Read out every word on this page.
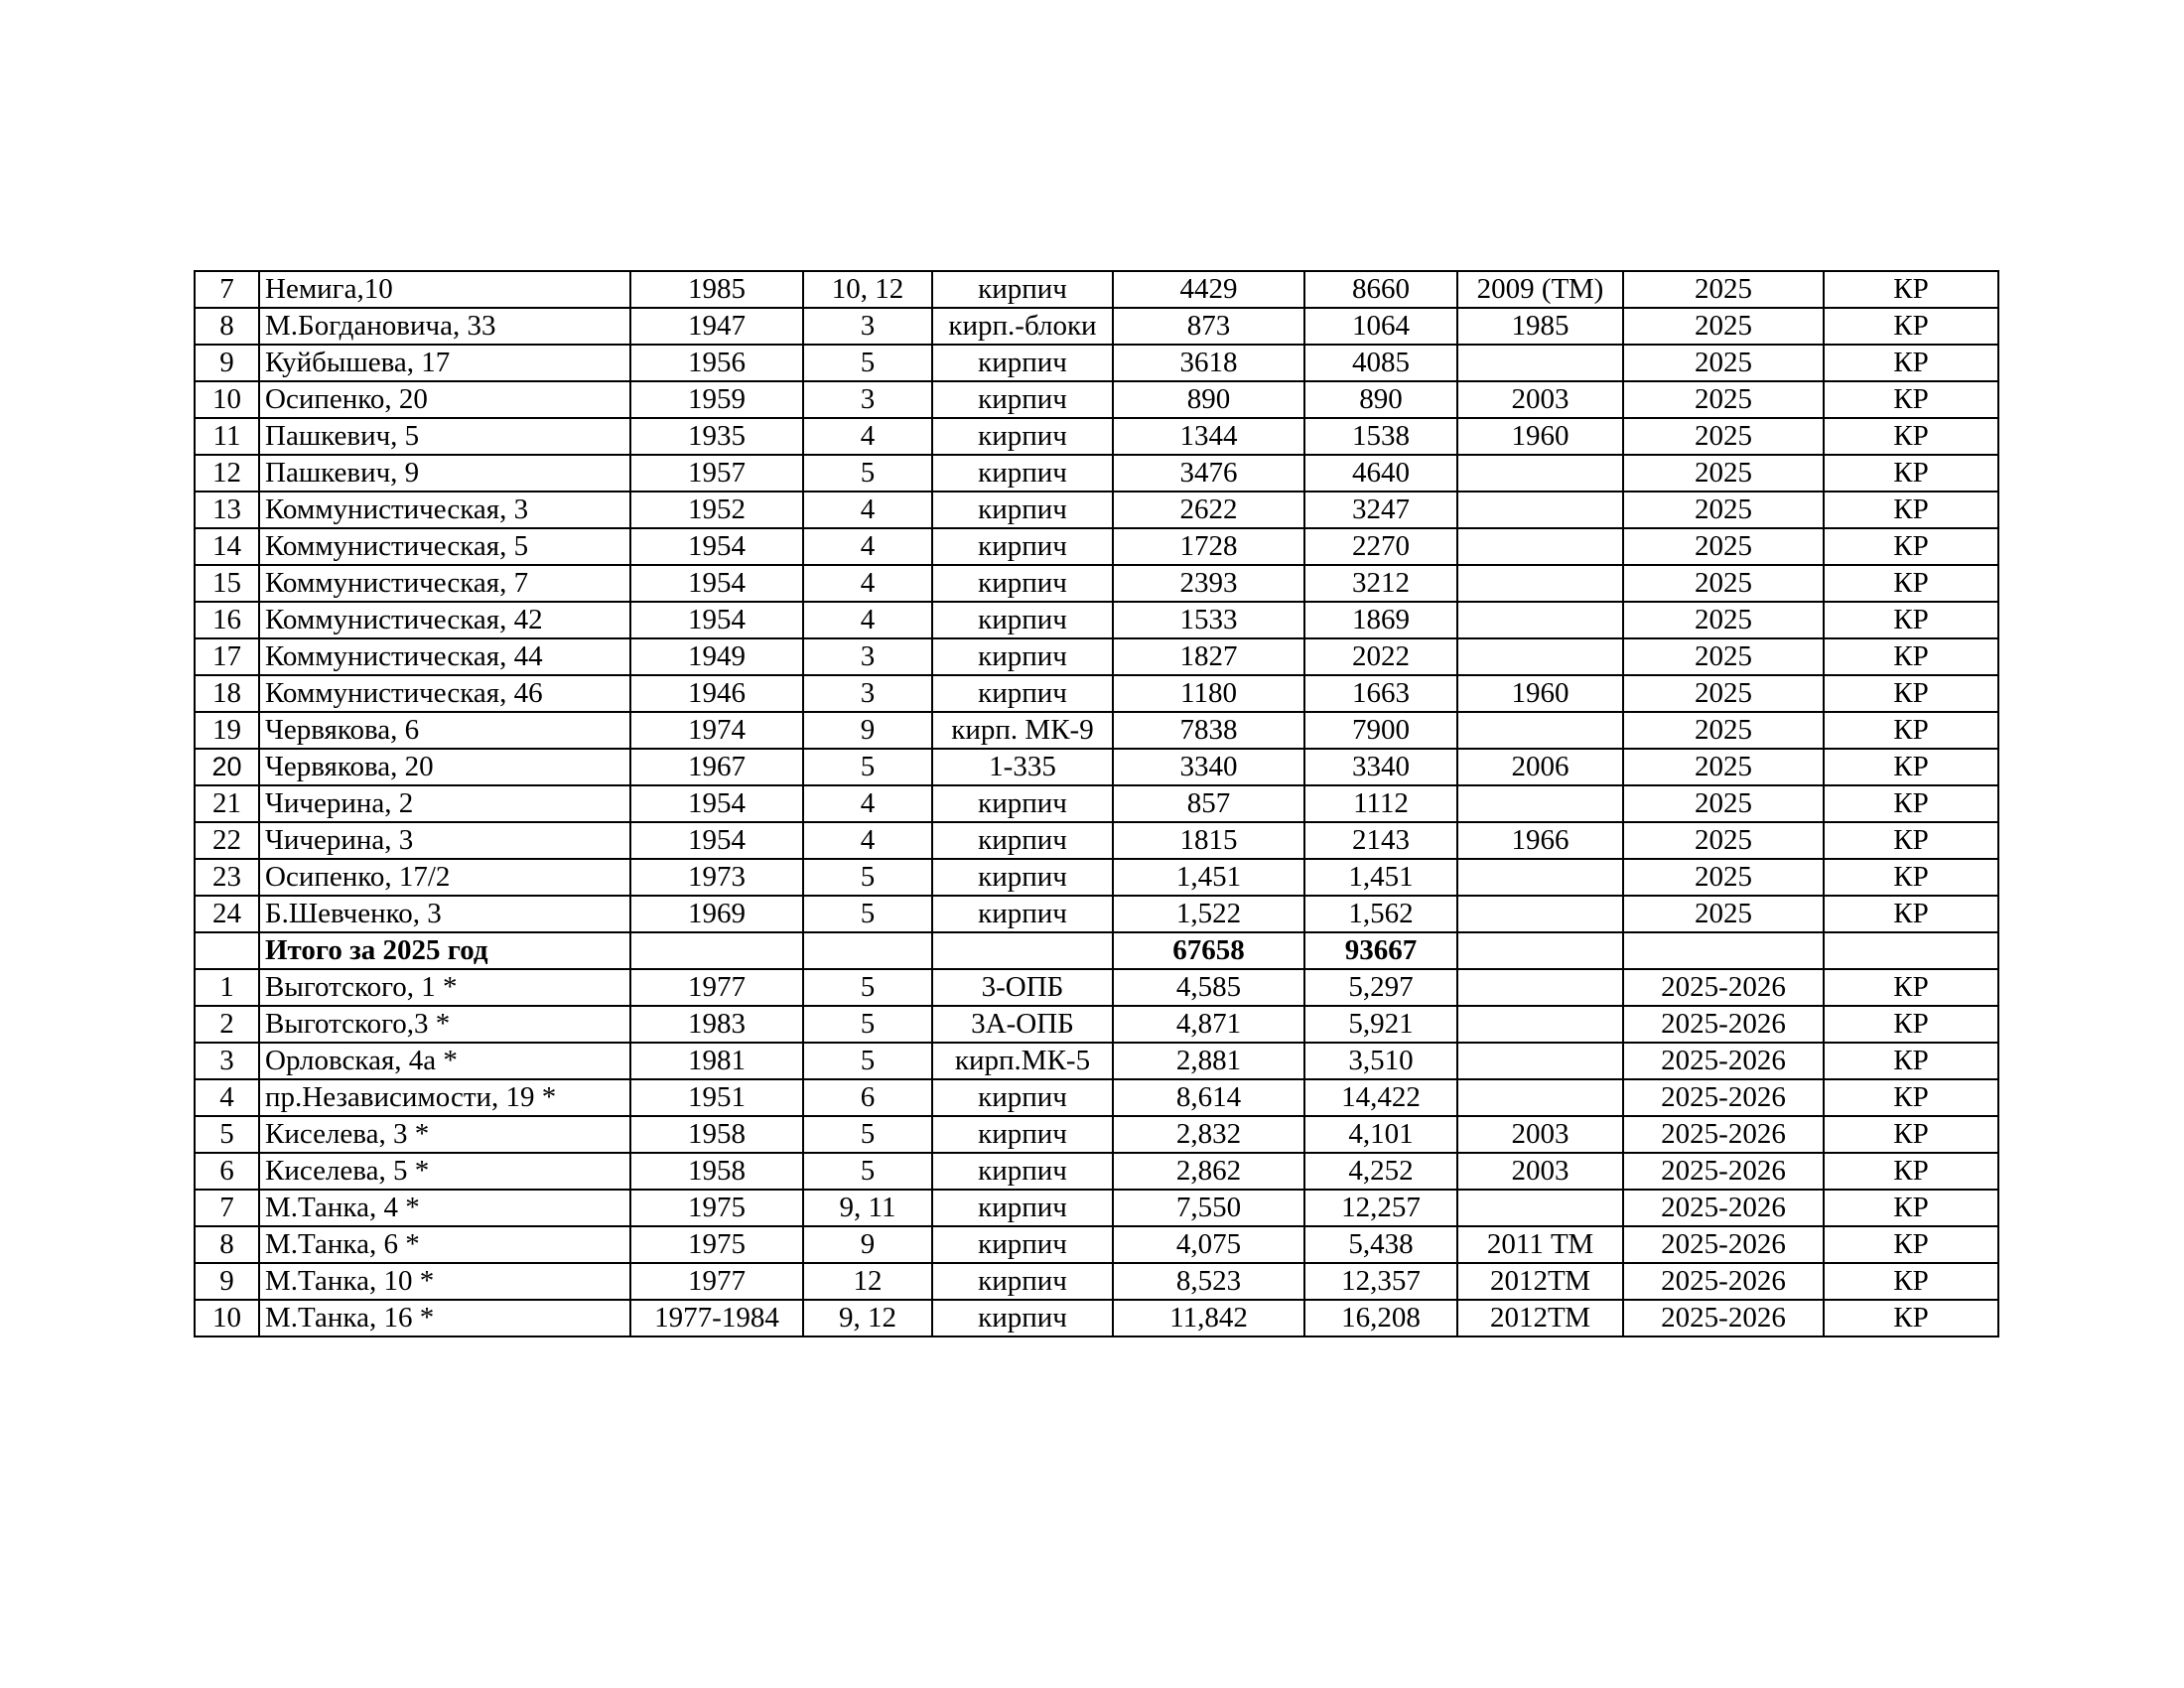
7	Немига,10	1985	10, 12	кирпич	4429	8660	2009 (ТМ)	2025	КР
8	М.Богдановича, 33	1947	3	кирп.-блоки	873	1064	1985	2025	КР
9	Куйбышева, 17	1956	5	кирпич	3618	4085		2025	КР
10	Осипенко, 20	1959	3	кирпич	890	890	2003	2025	КР
11	Пашкевич, 5	1935	4	кирпич	1344	1538	1960	2025	КР
12	Пашкевич, 9	1957	5	кирпич	3476	4640		2025	КР
13	Коммунистическая, 3	1952	4	кирпич	2622	3247		2025	КР
14	Коммунистическая, 5	1954	4	кирпич	1728	2270		2025	КР
15	Коммунистическая, 7	1954	4	кирпич	2393	3212		2025	КР
16	Коммунистическая, 42	1954	4	кирпич	1533	1869		2025	КР
17	Коммунистическая, 44	1949	3	кирпич	1827	2022		2025	КР
18	Коммунистическая, 46	1946	3	кирпич	1180	1663	1960	2025	КР
19	Червякова, 6	1974	9	кирп. МК-9	7838	7900		2025	КР
20	Червякова, 20	1967	5	1-335	3340	3340	2006	2025	КР
21	Чичерина, 2	1954	4	кирпич	857	1112		2025	КР
22	Чичерина, 3	1954	4	кирпич	1815	2143	1966	2025	КР
23	Осипенко, 17/2	1973	5	кирпич	1,451	1,451		2025	КР
24	Б.Шевченко, 3	1969	5	кирпич	1,522	1,562		2025	КР
	Итого за 2025 год				67658	93667			
1	Выготского, 1 *	1977	5	3-ОПБ	4,585	5,297		2025-2026	КР
2	Выготского,3 *	1983	5	3А-ОПБ	4,871	5,921		2025-2026	КР
3	Орловская, 4а *	1981	5	кирп.МК-5	2,881	3,510		2025-2026	КР
4	пр.Независимости, 19 *	1951	6	кирпич	8,614	14,422		2025-2026	КР
5	Киселева, 3 *	1958	5	кирпич	2,832	4,101	2003	2025-2026	КР
6	Киселева, 5 *	1958	5	кирпич	2,862	4,252	2003	2025-2026	КР
7	М.Танка, 4 *	1975	9, 11	кирпич	7,550	12,257		2025-2026	КР
8	М.Танка, 6 *	1975	9	кирпич	4,075	5,438	2011 ТМ	2025-2026	КР
9	М.Танка, 10 *	1977	12	кирпич	8,523	12,357	2012ТМ	2025-2026	КР
10	М.Танка, 16 *	1977-1984	9, 12	кирпич	11,842	16,208	2012ТМ	2025-2026	КР
